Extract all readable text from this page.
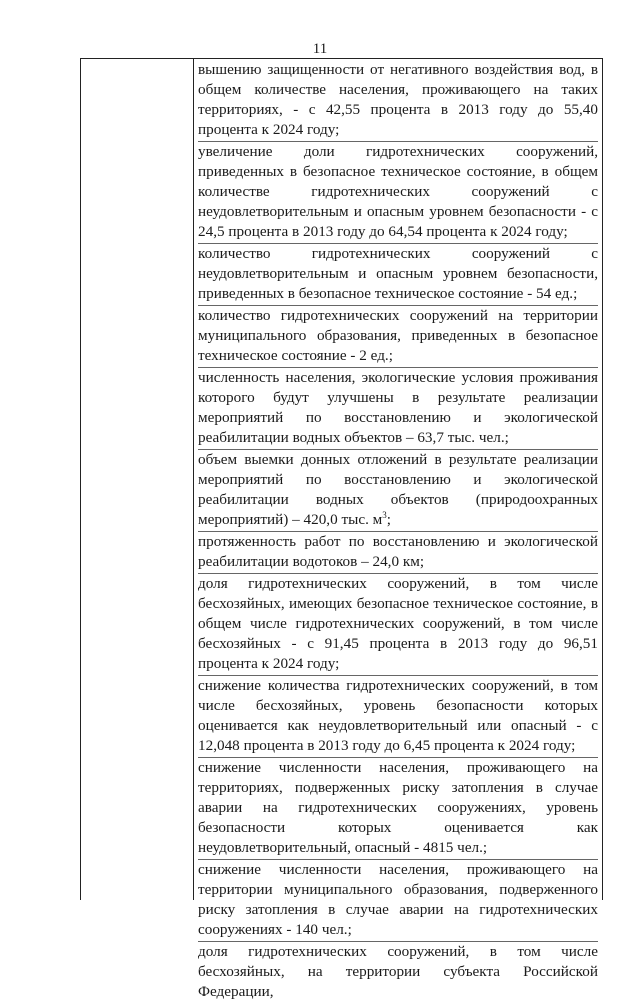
11

вышению защищенности от негативного воздействия вод, в общем количестве населения, проживающего на таких территориях, - с 42,55 процента в 2013 году до 55,40 процента к 2024 году;

увеличение доли гидротехнических сооружений, приведенных в безопасное техническое состояние, в общем количестве гидротехнических сооружений с неудовлетворительным и опасным уровнем безопасности - с 24,5 процента в 2013 году до 64,54 процента к 2024 году;

количество гидротехнических сооружений с неудовлетворительным и опасным уровнем безопасности, приведенных в безопасное техническое состояние - 54 ед.;

количество гидротехнических сооружений на территории муниципального образования, приведенных в безопасное техническое состояние - 2 ед.;

численность населения, экологические условия проживания которого будут улучшены в результате реализации мероприятий по восстановлению и экологической реабилитации водных объектов – 63,7 тыс. чел.;

объем выемки донных отложений в результате реализации мероприятий по восстановлению и экологической реабилитации водных объектов (природоохранных мероприятий) – 420,0 тыс. $м^3$;

протяженность работ по восстановлению и экологической реабилитации водотоков – 24,0 км;

доля гидротехнических сооружений, в том числе бесхозяйных, имеющих безопасное техническое состояние, в общем числе гидротехнических сооружений, в том числе бесхозяйных - с 91,45 процента в 2013 году до 96,51 процента к 2024 году;

снижение количества гидротехнических сооружений, в том числе бесхозяйных, уровень безопасности которых оценивается как неудовлетворительный или опасный - с 12,048 процента в 2013 году до 6,45 процента к 2024 году;

снижение численности населения, проживающего на территориях, подверженных риску затопления в случае аварии на гидротехнических сооружениях, уровень безопасности которых оценивается как неудовлетворительный, опасный - 4815 чел.;

снижение численности населения, проживающего на территории муниципального образования, подверженного риску затопления в случае аварии на гидротехнических сооружениях - 140 чел.;

доля гидротехнических сооружений, в том числе бесхозяйных, на территории субъекта Российской Федерации,
